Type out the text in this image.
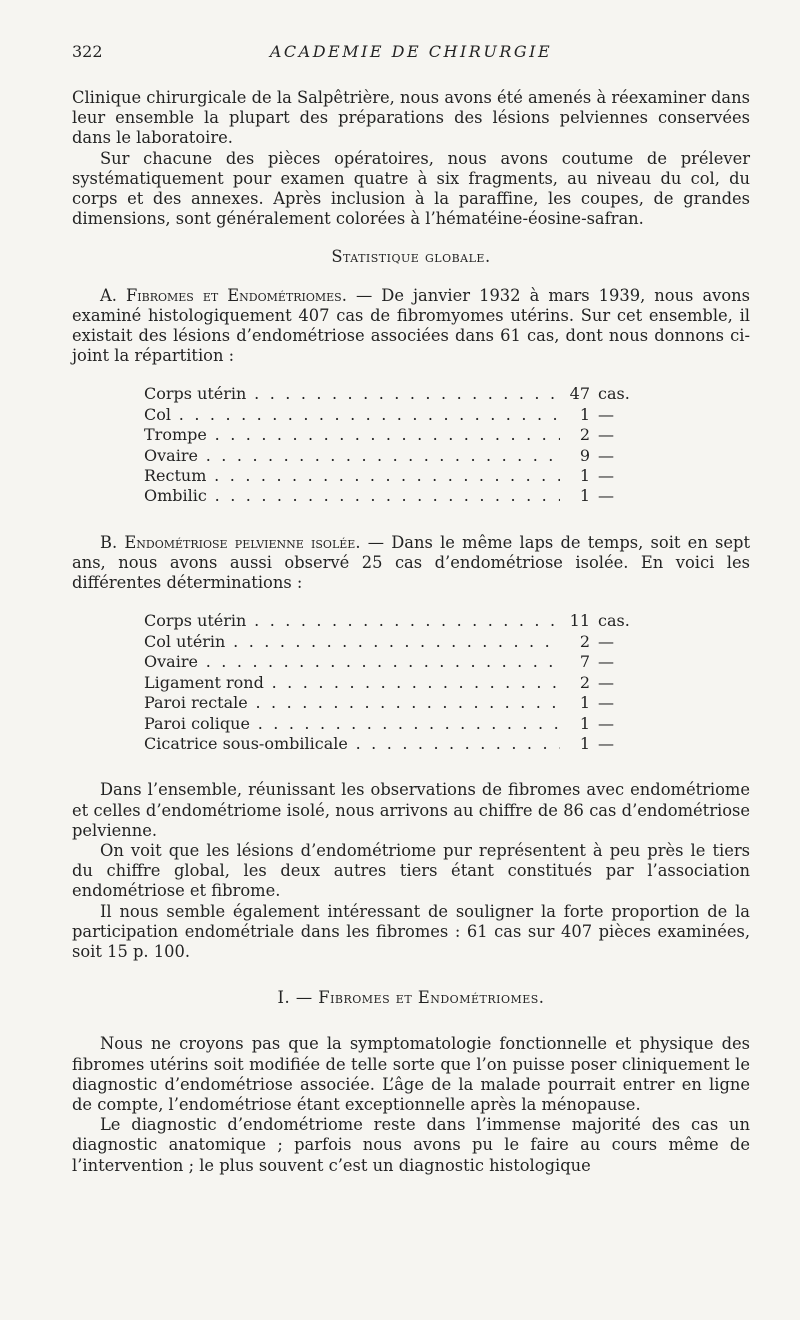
322	ACADEMIE DE CHIRURGIE

Clinique chirurgicale de la Salpêtrière, nous avons été amenés à réexaminer dans leur ensemble la plupart des préparations des lésions pelviennes conservées dans le laboratoire.

Sur chacune des pièces opératoires, nous avons coutume de prélever systématiquement pour examen quatre à six fragments, au niveau du col, du corps et des annexes. Après inclusion à la paraffine, les coupes, de grandes dimensions, sont généralement colorées à l’hématéine-éosine-safran.

Statistique globale.

A. Fibromes et Endométriomes. — De janvier 1932 à mars 1939, nous avons examiné histologiquement 407 cas de fibromyomes utérins. Sur cet ensemble, il existait des lésions d’endométriose associées dans 61 cas, dont nous donnons ci-joint la répartition :

Corps utérin . . .	47 cas.
Col . . .	1 —
Trompe . . .	2 —
Ovaire . . .	9 —
Rectum . . .	1 —
Ombilic . . .	1 —

B. Endométriose pelvienne isolée. — Dans le même laps de temps, soit en sept ans, nous avons aussi observé 25 cas d’endométriose isolée. En voici les différentes déterminations :

Corps utérin . . .	11 cas.
Col utérin . . .	2 —
Ovaire . . .	7 —
Ligament rond . . .	2 —
Paroi rectale . . .	1 —
Paroi colique . . .	1 —
Cicatrice sous-ombilicale . . .	1 —

Dans l’ensemble, réunissant les observations de fibromes avec endométriome et celles d’endométriome isolé, nous arrivons au chiffre de 86 cas d’endométriose pelvienne.

On voit que les lésions d’endométriome pur représentent à peu près le tiers du chiffre global, les deux autres tiers étant constitués par l’association endométriose et fibrome.

Il nous semble également intéressant de souligner la forte proportion de la participation endométriale dans les fibromes : 61 cas sur 407 pièces examinées, soit 15 p. 100.

I. — Fibromes et Endométriomes.

Nous ne croyons pas que la symptomatologie fonctionnelle et physique des fibromes utérins soit modifiée de telle sorte que l’on puisse poser cliniquement le diagnostic d’endométriose associée. L’âge de la malade pourrait entrer en ligne de compte, l’endométriose étant exceptionnelle après la ménopause.

Le diagnostic d’endométriome reste dans l’immense majorité des cas un diagnostic anatomique ; parfois nous avons pu le faire au cours même de l’intervention ; le plus souvent c’est un diagnostic histologique
